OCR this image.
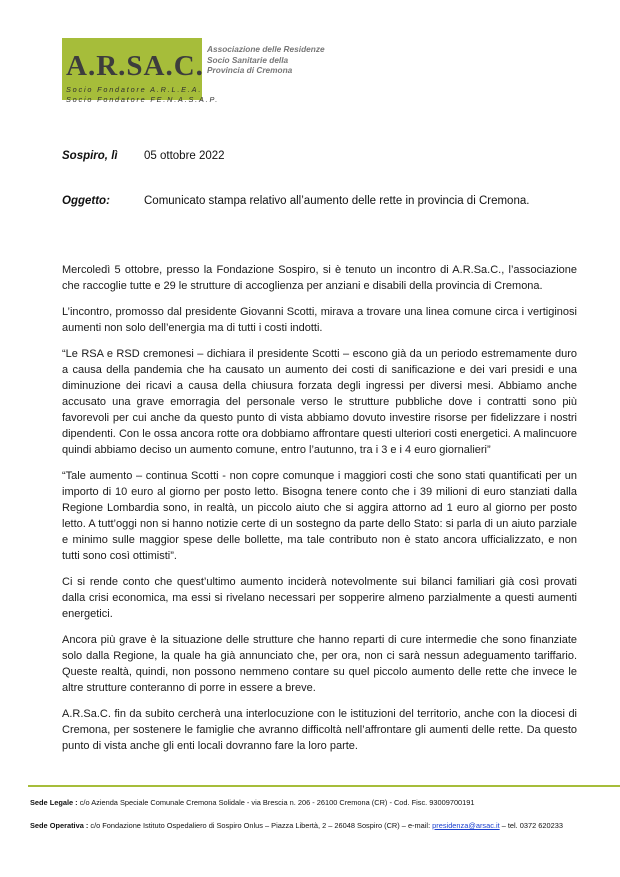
A.R.SA.C.
Socio Fondatore A.R.L.E.A.
Socio Fondatore FE.N.A.S.A.P.
Associazione delle Residenze
Socio Sanitarie della
Provincia di Cremona
Sospiro, lì 05 ottobre 2022
Oggetto:	Comunicato stampa relativo all’aumento delle rette in provincia di Cremona.

Mercoledì 5 ottobre, presso la Fondazione Sospiro, si è tenuto un incontro di A.R.Sa.C., l’associazione che raccoglie tutte e 29 le strutture di accoglienza per anziani e disabili della provincia di Cremona.

L’incontro, promosso dal presidente Giovanni Scotti, mirava a trovare una linea comune circa i vertiginosi aumenti non solo dell’energia ma di tutti i costi indotti.

“Le RSA e RSD cremonesi – dichiara il presidente Scotti – escono già da un periodo estremamente duro a causa della pandemia che ha causato un aumento dei costi di sanificazione e dei vari presidi e una diminuzione dei ricavi a causa della chiusura forzata degli ingressi per diversi mesi. Abbiamo anche accusato una grave emorragia del personale verso le strutture pubbliche dove i contratti sono più favorevoli per cui anche da questo punto di vista abbiamo dovuto investire risorse per fidelizzare i nostri dipendenti. Con le ossa ancora rotte ora dobbiamo affrontare questi ulteriori costi energetici. A malincuore quindi abbiamo deciso un aumento comune, entro l’autunno, tra i 3 e i 4 euro giornalieri”

“Tale aumento – continua Scotti - non copre comunque i maggiori costi che sono stati quantificati per un importo di 10 euro al giorno per posto letto. Bisogna tenere conto che i 39 milioni di euro stanziati dalla Regione Lombardia sono, in realtà, un piccolo aiuto che si aggira attorno ad 1 euro al giorno per posto letto. A tutt’oggi non si hanno notizie certe di un sostegno da parte dello Stato: si parla di un aiuto parziale e minimo sulle maggior spese delle bollette, ma tale contributo non è stato ancora ufficializzato, e non tutti sono così ottimisti”.

Ci si rende conto che quest’ultimo aumento inciderà notevolmente sui bilanci familiari già così provati dalla crisi economica, ma essi si rivelano necessari per sopperire almeno parzialmente a questi aumenti energetici.

Ancora più grave è la situazione delle strutture che hanno reparti di cure intermedie che sono finanziate solo dalla Regione, la quale ha già annunciato che, per ora, non ci sarà nessun adeguamento tariffario. Queste realtà, quindi, non possono nemmeno contare su quel piccolo aumento delle rette che invece le altre strutture conteranno di porre in essere a breve.

A.R.Sa.C. fin da subito cercherà una interlocuzione con le istituzioni del territorio, anche con la diocesi di Cremona, per sostenere le famiglie che avranno difficoltà nell’affrontare gli aumenti delle rette. Da questo punto di vista anche gli enti locali dovranno fare la loro parte.

Sede Legale : c/o Azienda Speciale Comunale Cremona Solidale - via Brescia n. 206 - 26100 Cremona (CR) - Cod. Fisc. 93009700191
Sede Operativa : c/o Fondazione Istituto Ospedaliero di Sospiro Onlus – Piazza Libertà, 2 – 26048 Sospiro (CR) – e-mail: presidenza@arsac.it – tel. 0372 620233
